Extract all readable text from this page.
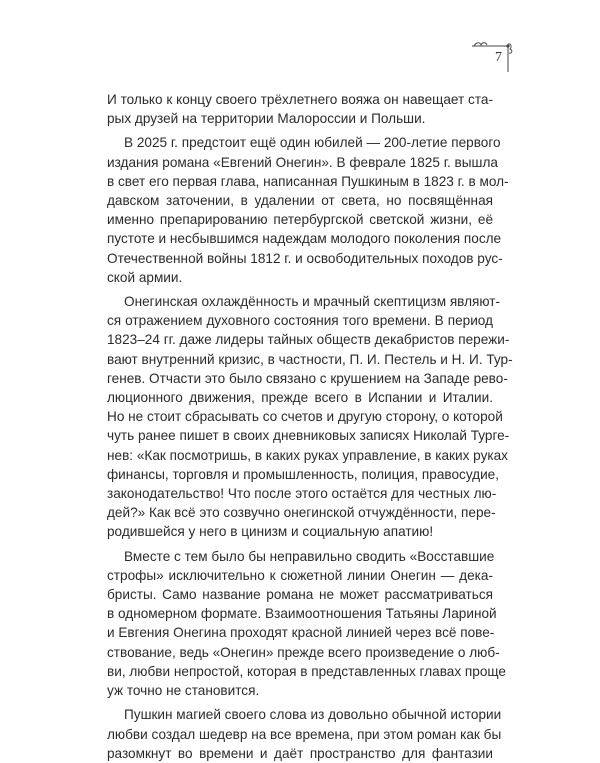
7
И только к концу своего трёхлетнего вояжа он навещает ста-
рых друзей на территории Малороссии и Польши.
В 2025 г. предстоит ещё один юбилей — 200-летие первого
издания романа «Евгений Онегин». В феврале 1825 г. вышла
в свет его первая глава, написанная Пушкиным в 1823 г. в мол-
давском заточении, в удалении от света, но посвящённая
именно препарированию петербургской светской жизни, её
пустоте и несбывшимся надеждам молодого поколения после
Отечественной войны 1812 г. и освободительных походов рус-
ской армии.
Онегинская охлаждённость и мрачный скептицизм являют-
ся отражением духовного состояния того времени. В период
1823–24 гг. даже лидеры тайных обществ декабристов пережи-
вают внутренний кризис, в частности, П. И. Пестель и Н. И. Тур-
генев. Отчасти это было связано с крушением на Западе рево-
люционного движения, прежде всего в Испании и Италии.
Но не стоит сбрасывать со счетов и другую сторону, о которой
чуть ранее пишет в своих дневниковых записях Николай Турге-
нев: «Как посмотришь, в каких руках управление, в каких руках
финансы, торговля и промышленность, полиция, правосудие,
законодательство! Что после этого остаётся для честных лю-
дей?» Как всё это созвучно онегинской отчуждённости, пере-
родившейся у него в цинизм и социальную апатию!
Вместе с тем было бы неправильно сводить «Восставшие
строфы» исключительно к сюжетной линии Онегин — дека-
бристы. Само название романа не может рассматриваться
в одномерном формате. Взаимоотношения Татьяны Лариной
и Евгения Онегина проходят красной линией через всё пове-
ствование, ведь «Онегин» прежде всего произведение о люб-
ви, любви непростой, которая в представленных главах проще
уж точно не становится.
Пушкин магией своего слова из довольно обычной истории
любви создал шедевр на все времена, при этом роман как бы
разомкнут во времени и даёт пространство для фантазии
